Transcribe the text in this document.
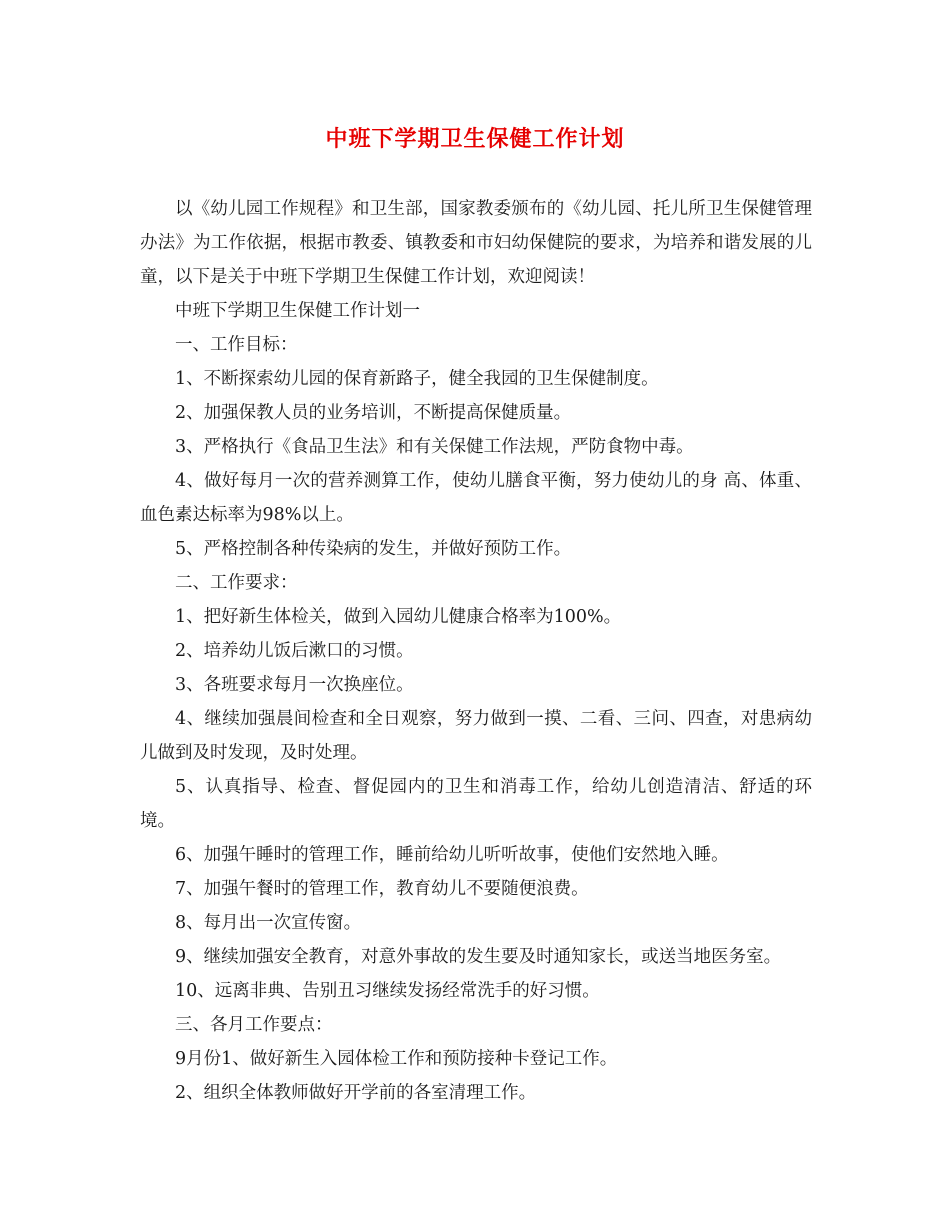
中班下学期卫生保健工作计划

以《幼儿园工作规程》和卫生部，国家教委颁布的《幼儿园、托儿所卫生保健管理办法》为工作依据，根据市教委、镇教委和市妇幼保健院的要求，为培养和谐发展的儿童，以下是关于中班下学期卫生保健工作计划，欢迎阅读！

中班下学期卫生保健工作计划一

一、工作目标：

1、不断探索幼儿园的保育新路子，健全我园的卫生保健制度。

2、加强保教人员的业务培训，不断提高保健质量。

3、严格执行《食品卫生法》和有关保健工作法规，严防食物中毒。

4、做好每月一次的营养测算工作，使幼儿膳食平衡，努力使幼儿的身 高、体重、血色素达标率为98%以上。

5、严格控制各种传染病的发生，并做好预防工作。

二、工作要求：

1、把好新生体检关，做到入园幼儿健康合格率为100%。

2、培养幼儿饭后漱口的习惯。

3、各班要求每月一次换座位。

4、继续加强晨间检查和全日观察，努力做到一摸、二看、三问、四查，对患病幼儿做到及时发现，及时处理。

5、认真指导、检查、督促园内的卫生和消毒工作，给幼儿创造清洁、舒适的环境。

6、加强午睡时的管理工作，睡前给幼儿听听故事，使他们安然地入睡。

7、加强午餐时的管理工作，教育幼儿不要随便浪费。

8、每月出一次宣传窗。

9、继续加强安全教育，对意外事故的发生要及时通知家长，或送当地医务室。

10、远离非典、告别丑习继续发扬经常洗手的好习惯。

三、各月工作要点：

9月份1、做好新生入园体检工作和预防接种卡登记工作。

2、组织全体教师做好开学前的各室清理工作。
